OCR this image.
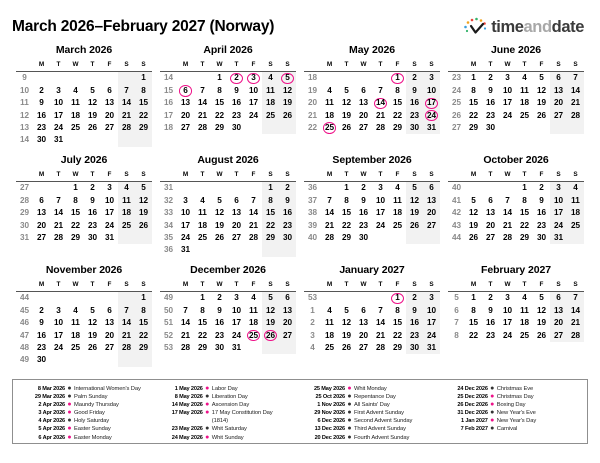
March 2026–February 2027 (Norway)	timeanddate
March 2026
	M	T	W	T	F	S	S
9							1
10	2	3	4	5	6	7	8
11	9	10	11	12	13	14	15
12	16	17	18	19	20	21	22
13	23	24	25	26	27	28	29
14	30	31					
April 2026
	M	T	W	T	F	S	S
14			1	2	3	4	5
15	6	7	8	9	10	11	12
16	13	14	15	16	17	18	19
17	20	21	22	23	24	25	26
18	27	28	29	30			
May 2026
	M	T	W	T	F	S	S
18					1	2	3
19	4	5	6	7	8	9	10
20	11	12	13	14	15	16	17
21	18	19	20	21	22	23	24
22	25	26	27	28	29	30	31
June 2026
	M	T	W	T	F	S	S
23	1	2	3	4	5	6	7
24	8	9	10	11	12	13	14
25	15	16	17	18	19	20	21
26	22	23	24	25	26	27	28
27	29	30					
July 2026
	M	T	W	T	F	S	S
27			1	2	3	4	5
28	6	7	8	9	10	11	12
29	13	14	15	16	17	18	19
30	20	21	22	23	24	25	26
31	27	28	29	30	31		
August 2026
	M	T	W	T	F	S	S
31						1	2
32	3	4	5	6	7	8	9
33	10	11	12	13	14	15	16
34	17	18	19	20	21	22	23
35	24	25	26	27	28	29	30
36	31						
September 2026
	M	T	W	T	F	S	S
36		1	2	3	4	5	6
37	7	8	9	10	11	12	13
38	14	15	16	17	18	19	20
39	21	22	23	24	25	26	27
40	28	29	30				
October 2026
	M	T	W	T	F	S	S
40				1	2	3	4
41	5	6	7	8	9	10	11
42	12	13	14	15	16	17	18
43	19	20	21	22	23	24	25
44	26	27	28	29	30	31	
November 2026
	M	T	W	T	F	S	S
44							1
45	2	3	4	5	6	7	8
46	9	10	11	12	13	14	15
47	16	17	18	19	20	21	22
48	23	24	25	26	27	28	29
49	30						
December 2026
	M	T	W	T	F	S	S
49		1	2	3	4	5	6
50	7	8	9	10	11	12	13
51	14	15	16	17	18	19	20
52	21	22	23	24	25	26	27
53	28	29	30	31			
January 2027
	M	T	W	T	F	S	S
53					1	2	3
1	4	5	6	7	8	9	10
2	11	12	13	14	15	16	17
3	18	19	20	21	22	23	24
4	25	26	27	28	29	30	31
February 2027
	M	T	W	T	F	S	S
5	1	2	3	4	5	6	7
6	8	9	10	11	12	13	14
7	15	16	17	18	19	20	21
8	22	23	24	25	26	27	28
8 Mar 2026 ● International Women's Day
29 Mar 2026 ● Palm Sunday
2 Apr 2026 ● Maundy Thursday
3 Apr 2026 ● Good Friday
4 Apr 2026 ● Holy Saturday
5 Apr 2026 ● Easter Sunday
6 Apr 2026 ● Easter Monday
1 May 2026 ● Labor Day
8 May 2026 ● Liberation Day
14 May 2026 ● Ascension Day
17 May 2026 ● 17 May Constitution Day
(1814)
23 May 2026 ● Whit Saturday
24 May 2026 ● Whit Sunday
25 May 2026 ● Whit Monday
25 Oct 2026 ● Repentance Day
1 Nov 2026 ● All Saints' Day
29 Nov 2026 ● First Advent Sunday
6 Dec 2026 ● Second Advent Sunday
13 Dec 2026 ● Third Advent Sunday
20 Dec 2026 ● Fourth Advent Sunday
24 Dec 2026 ● Christmas Eve
25 Dec 2026 ● Christmas Day
26 Dec 2026 ● Boxing Day
31 Dec 2026 ● New Year's Eve
1 Jan 2027 ● New Year's Day
7 Feb 2027 ● Carnival
